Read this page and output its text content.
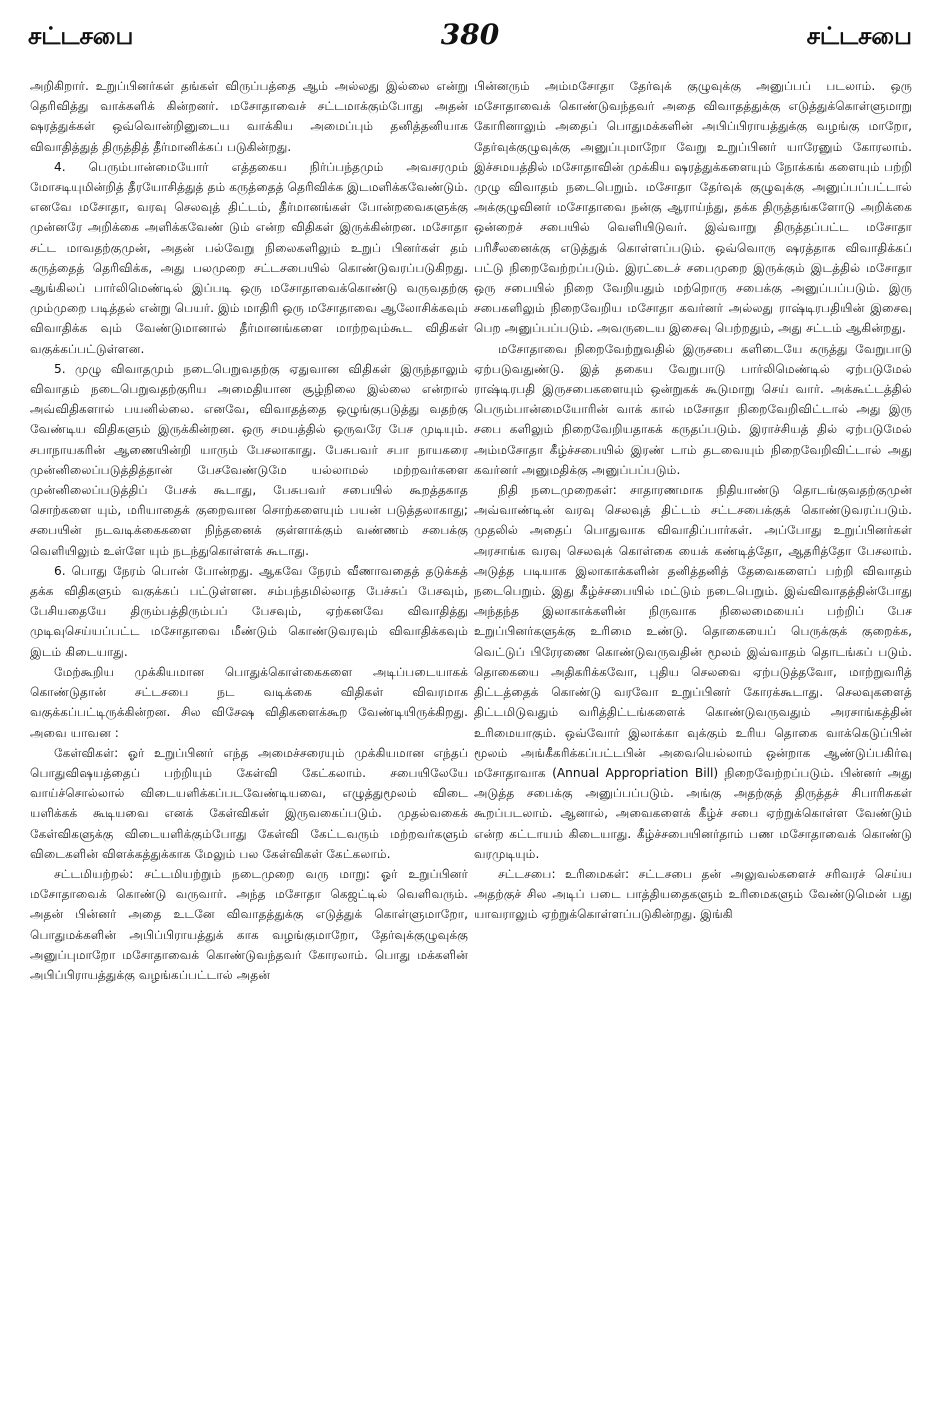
சட்டசபை	380	சட்டசபை

அறிகிறார். உறுப்பினர்கள் தங்கள் விருப்பத்தை ஆம் அல்லது இல்லை என்று தெரிவித்து வாக்களிக் கின்றனர். மசோதாவைச் சட்டமாக்கும்போது அதன் ஷரத்துக்கள் ஒவ்வொன்றினுடைய வாக்கிய அமைப்பும் தனித்தனியாக விவாதித்துத் திருத்தித் தீர்மானிக்கப் படுகின்றது.

4. பெரும்பான்மையோர் எத்தகைய நிர்ப்பந்தமும் அவசரமும் மோசடியுமின்றித் தீரயோசித்துத் தம் கருத்தைத் தெரிவிக்க இடமளிக்கவேண்டும். எனவே மசோதா, வரவு செலவுத் திட்டம், தீர்மானங்கள் போன்றவைகளுக்கு முன்னரே அறிக்கை அளிக்கவேண் டும் என்ற விதிகள் இருக்கின்றன. மசோதா சட்ட மாவதற்குமுன், அதன் பல்வேறு நிலைகளிலும் உறுப் பினர்கள் தம் கருத்தைத் தெரிவிக்க, அது பலமுறை சட்டசபையில் கொண்டுவரப்படுகிறது. ஆங்கிலப் பார்லிமெண்டில் இப்படி ஒரு மசோதாவைக்கொண்டு வருவதற்கு மும்முறை படித்தல் என்று பெயர். இம் மாதிரி ஒரு மசோதாவை ஆலோசிக்கவும் விவாதிக்க வும் வேண்டுமானால் தீர்மானங்களை மாற்றவும்கூட விதிகள் வகுக்கப்பட்டுள்ளன.

5. முழு விவாதமும் நடைபெறுவதற்கு ஏதுவான விதிகள் இருந்தாலும் விவாதம் நடைபெறுவதற்குரிய அமைதியான சூழ்நிலை இல்லை என்றால் அவ்விதிகளால் பயனில்லை. எனவே, விவாதத்தை ஒழுங்குபடுத்து வதற்கு வேண்டிய விதிகளும் இருக்கின்றன. ஒரு சமயத்தில் ஒருவரே பேச முடியும். சபாநாயகரின் ஆணையின்றி யாரும் பேசலாகாது. பேசுபவர் சபா நாயகரை முன்னிலைப்படுத்தித்தான் பேசவேண்டுமே யல்லாமல் மற்றவர்களை முன்னிலைப்படுத்திப் பேசக் கூடாது, பேசுபவர் சபையில் கூறத்தகாத சொற்களை யும், மரியாதைக் குறைவான சொற்களையும் பயன் படுத்தலாகாது; சபையின் நடவடிக்கைகளை நிந்தனைக் குள்ளாக்கும் வண்ணம் சபைக்கு வெளியிலும் உள்ளே யும் நடந்துகொள்ளக் கூடாது.

6. பொது நேரம் பொன் போன்றது. ஆகவே நேரம் வீணாவதைத் தடுக்கத் தக்க விதிகளும் வகுக்கப் பட்டுள்ளன. சம்பந்தமில்லாத பேச்சுப் பேசவும், பேசியதையே திரும்பத்திரும்பப் பேசவும், ஏற்கனவே விவாதித்து முடிவுசெய்யப்பட்ட மசோதாவை மீண்டும் கொண்டுவரவும் விவாதிக்கவும் இடம் கிடையாது.

மேற்கூறிய முக்கியமான பொதுக்கொள்கைகளை அடிப்படையாகக் கொண்டுதான் சட்டசபை நட வடிக்கை விதிகள் விவரமாக வகுக்கப்பட்டிருக்கின்றன. சில விசேஷ விதிகளைக்கூற வேண்டியிருக்கிறது. அவை யாவன :

கேள்விகள்: ஓர் உறுப்பினர் எந்த அமைச்சரையும் முக்கியமான எந்தப் பொதுவிஷயத்தைப் பற்றியும் கேள்வி கேட்கலாம். சபையிலேயே வாய்ச்சொல்லால் விடையளிக்கப்படவேண்டியவை, எழுத்துமூலம் விடை யளிக்கக் கூடியவை எனக் கேள்விகள் இருவகைப்படும். முதல்வகைக் கேள்விகளுக்கு விடையளிக்கும்போது கேள்வி கேட்டவரும் மற்றவர்களும் விடைகளின் விளக்கத்துக்காக மேலும் பல கேள்விகள் கேட்கலாம்.

சட்டமியற்றல்: சட்டமியற்றும் நடைமுறை வரு மாறு: ஓர் உறுப்பினர் மசோதாவைக் கொண்டு வருவார். அந்த மசோதா கெஜட்டில் வெளிவரும். அதன் பின்னர் அதை உடனே விவாதத்துக்கு எடுத்துக் கொள்ளுமாறோ, பொதுமக்களின் அபிப்பிராயத்துக் காக வழங்குமாறோ, தேர்வுக்குழுவுக்கு அனுப்புமாறோ மசோதாவைக் கொண்டுவந்தவர் கோரலாம். பொது மக்களின் அபிப்பிராயத்துக்கு வழங்கப்பட்டால் அதன்

பின்னரும் அம்மசோதா தேர்வுக் குழுவுக்கு அனுப்பப் படலாம். ஒரு மசோதாவைக் கொண்டுவந்தவர் அதை விவாதத்துக்கு எடுத்துக்கொள்ளுமாறு கோரினாலும் அதைப் பொதுமக்களின் அபிப்பிராயத்துக்கு வழங்கு மாறோ, தேர்வுக்குழுவுக்கு அனுப்புமாறோ வேறு உறுப்பினர் யாரேனும் கோரலாம். இச்சமயத்தில் மசோதாவின் முக்கிய ஷரத்துக்களையும் நோக்கங் களையும் பற்றி முழு விவாதம் நடைபெறும். மசோதா தேர்வுக் குழுவுக்கு அனுப்பப்பட்டால் அக்குழுவினர் மசோதாவை நன்கு ஆராய்ந்து, தக்க திருத்தங்களோடு அறிக்கை ஒன்றைச் சபையில் வெளியிடுவர். இவ்வாறு திருத்தப்பட்ட மசோதா பரிசீலனைக்கு எடுத்துக் கொள்ளப்படும். ஒவ்வொரு ஷரத்தாக விவாதிக்கப் பட்டு நிறைவேற்றப்படும். இரட்டைச் சபைமுறை இருக்கும் இடத்தில் மசோதா ஒரு சபையில் நிறை வேறியதும் மற்றொரு சபைக்கு அனுப்பப்படும். இரு சபைகளிலும் நிறைவேறிய மசோதா கவர்னர் அல்லது ராஷ்டிரபதியின் இசைவு பெற அனுப்பப்படும். அவருடைய இசைவு பெற்றதும், அது சட்டம் ஆகின்றது.

மசோதாவை நிறைவேற்றுவதில் இருசபை களிடையே கருத்து வேறுபாடு ஏற்படுவதுண்டு. இத் தகைய வேறுபாடு பார்லிமெண்டில் ஏற்படுமேல் ராஷ்டிரபதி இருசபைகளையும் ஒன்றுகக் கூடுமாறு செய் வார். அக்கூட்டத்தில் பெரும்பான்மையோரின் வாக் கால் மசோதா நிறைவேறிவிட்டால் அது இரு சபை களிலும் நிறைவேறியதாகக் கருதப்படும். இராச்சியத் தில் ஏற்படுமேல் அம்மசோதா கீழ்ச்சபையில் இரண் டாம் தடவையும் நிறைவேறிவிட்டால் அது கவர்னர் அனுமதிக்கு அனுப்பப்படும்.

நிதி நடைமுறைகள்: சாதாரணமாக நிதியாண்டு தொடங்குவதற்குமுன் அவ்வாண்டின் வரவு செலவுத் திட்டம் சட்டசபைக்குக் கொண்டுவரப்படும். முதலில் அதைப் பொதுவாக விவாதிப்பார்கள். அப்போது உறுப்பினர்கள் அரசாங்க வரவு செலவுக் கொள்கை யைக் கண்டித்தோ, ஆதரித்தோ பேசலாம். அடுத்த படியாக இலாகாக்களின் தனித்தனித் தேவைகளைப் பற்றி விவாதம் நடைபெறும். இது கீழ்ச்சபையில் மட்டும் நடைபெறும். இவ்விவாதத்தின்போது அந்தந்த இலாகாக்களின் நிருவாக நிலைமையைப் பற்றிப் பேச உறுப்பினர்களுக்கு உரிமை உண்டு. தொகையைப் பெருக்குக் குறைக்க, வெட்டுப் பிரேரணை கொண்டுவருவதின் மூலம் இவ்வாதம் தொடங்கப் படும். தொகையை அதிகரிக்கவோ, புதிய செலவை ஏற்படுத்தவோ, மாற்றுவரித் திட்டத்தைக் கொண்டு வரவோ உறுப்பினர் கோரக்கூடாது. செலவுகளைத் திட்டமிடுவதும் வரித்திட்டங்களைக் கொண்டுவருவதும் அரசாங்கத்தின் உரிமையாகும். ஒவ்வோர் இலாக்கா வுக்கும் உரிய தொகை வாக்கெடுப்பின் மூலம் அங்கீகரிக்கப்பட்டபின் அவையெல்லாம் ஒன்றாக ஆண்டுப்பகிர்வு மசோதாவாக (Annual Appropriation Bill) நிறைவேற்றப்படும். பின்னர் அது அடுத்த சபைக்கு அனுப்பப்படும். அங்கு அதற்குத் திருத்தச் சிபாரிசுகள் கூறப்படலாம். ஆனால், அவைகளைக் கீழ்ச் சபை ஏற்றுக்கொள்ள வேண்டும் என்ற கட்டாயம் கிடையாது. கீழ்ச்சபையினர்தாம் பண மசோதாவைக் கொண்டு வரமுடியும்.

சட்டசபை: உரிமைகள்: சட்டசபை தன் அலுவல்களைச் சரிவரச் செய்ய அதற்குச் சில அடிப் படை பாத்தியதைகளும் உரிமைகளும் வேண்டுமென் பது யாவராலும் ஏற்றுக்கொள்ளப்படுகின்றது. இங்கி
